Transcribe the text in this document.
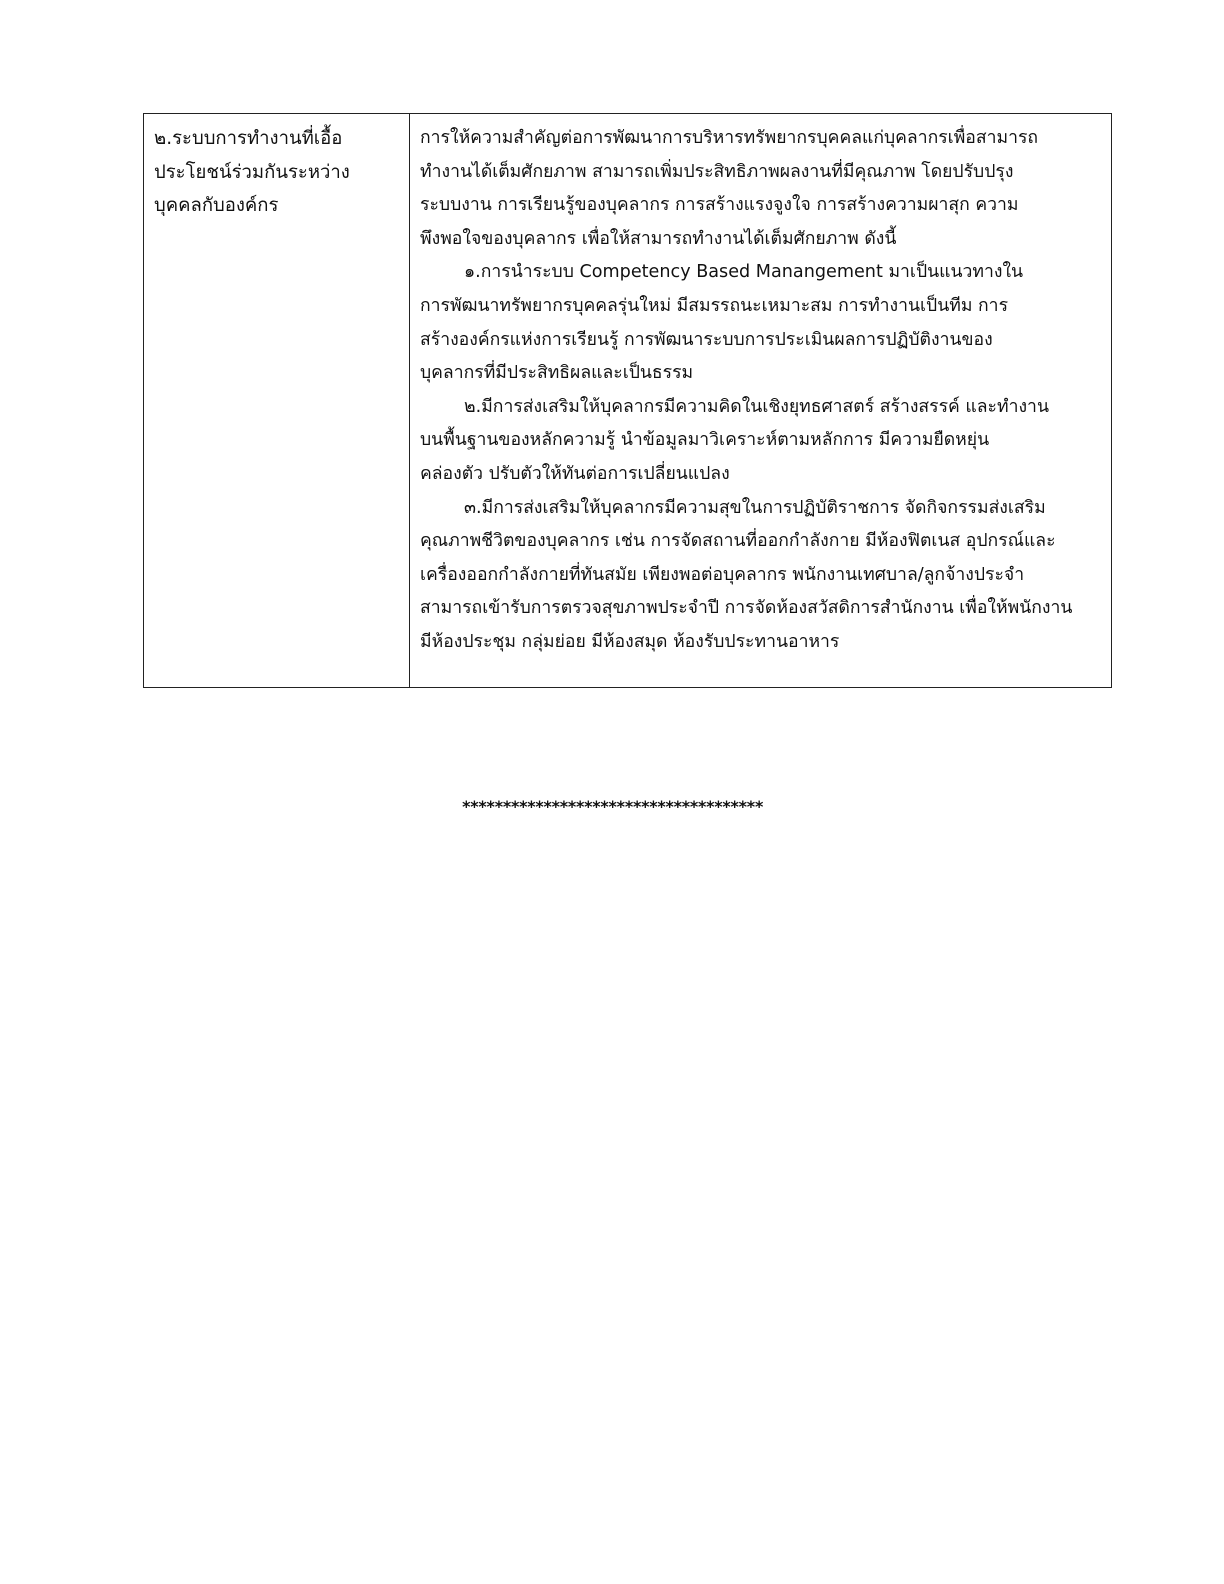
๒.ระบบการทำงานที่เอื้อ
ประโยชน์ร่วมกันระหว่าง
บุคคลกับองค์กร
การให้ความสำคัญต่อการพัฒนาการบริหารทรัพยากรบุคคลแก่บุคลากรเพื่อสามารถ
ทำงานได้เต็มศักยภาพ สามารถเพิ่มประสิทธิภาพผลงานที่มีคุณภาพ โดยปรับปรุง
ระบบงาน การเรียนรู้ของบุคลากร การสร้างแรงจูงใจ การสร้างความผาสุก ความ
พึงพอใจของบุคลากร เพื่อให้สามารถทำงานได้เต็มศักยภาพ ดังนี้
๑.การนำระบบ Competency Based Manangement มาเป็นแนวทางใน
การพัฒนาทรัพยากรบุคคลรุ่นใหม่ มีสมรรถนะเหมาะสม การทำงานเป็นทีม การ
สร้างองค์กรแห่งการเรียนรู้ การพัฒนาระบบการประเมินผลการปฏิบัติงานของ
บุคลากรที่มีประสิทธิผลและเป็นธรรม
๒.มีการส่งเสริมให้บุคลากรมีความคิดในเชิงยุทธศาสตร์ สร้างสรรค์ และทำงาน
บนพื้นฐานของหลักความรู้ นำข้อมูลมาวิเคราะห์ตามหลักการ มีความยืดหยุ่น
คล่องตัว ปรับตัวให้ทันต่อการเปลี่ยนแปลง
๓.มีการส่งเสริมให้บุคลากรมีความสุขในการปฏิบัติราชการ จัดกิจกรรมส่งเสริม
คุณภาพชีวิตของบุคลากร เช่น การจัดสถานที่ออกกำลังกาย มีห้องฟิตเนส อุปกรณ์และ
เครื่องออกกำลังกายที่ทันสมัย เพียงพอต่อบุคลากร พนักงานเทศบาล/ลูกจ้างประจำ
สามารถเข้ารับการตรวจสุขภาพประจำปี การจัดห้องสวัสดิการสำนักงาน เพื่อให้พนักงาน
มีห้องประชุม กลุ่มย่อย มีห้องสมุด ห้องรับประทานอาหาร
*************************************
